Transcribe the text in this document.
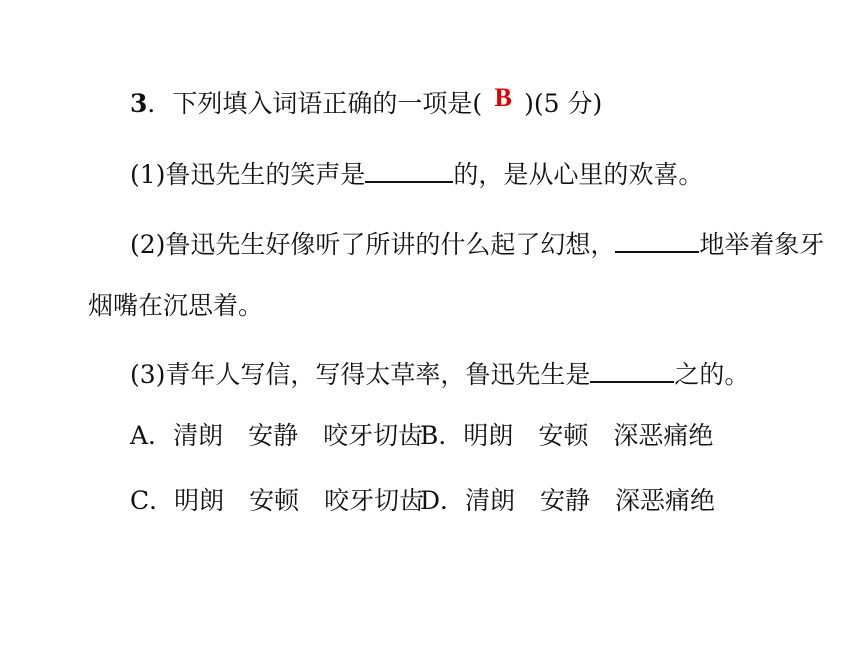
3．下列填入词语正确的一项是( B )(5 分)
(1)鲁迅先生的笑声是	的，是从心里的欢喜。
(2)鲁迅先生好像听了所讲的什么起了幻想，	地举着象牙
烟嘴在沉思着。
(3)青年人写信，写得太草率，鲁迅先生是	之的。
A．清朗　安静　咬牙切齿
B．明朗　安顿　深恶痛绝
C．明朗　安顿　咬牙切齿
D．清朗　安静　深恶痛绝
